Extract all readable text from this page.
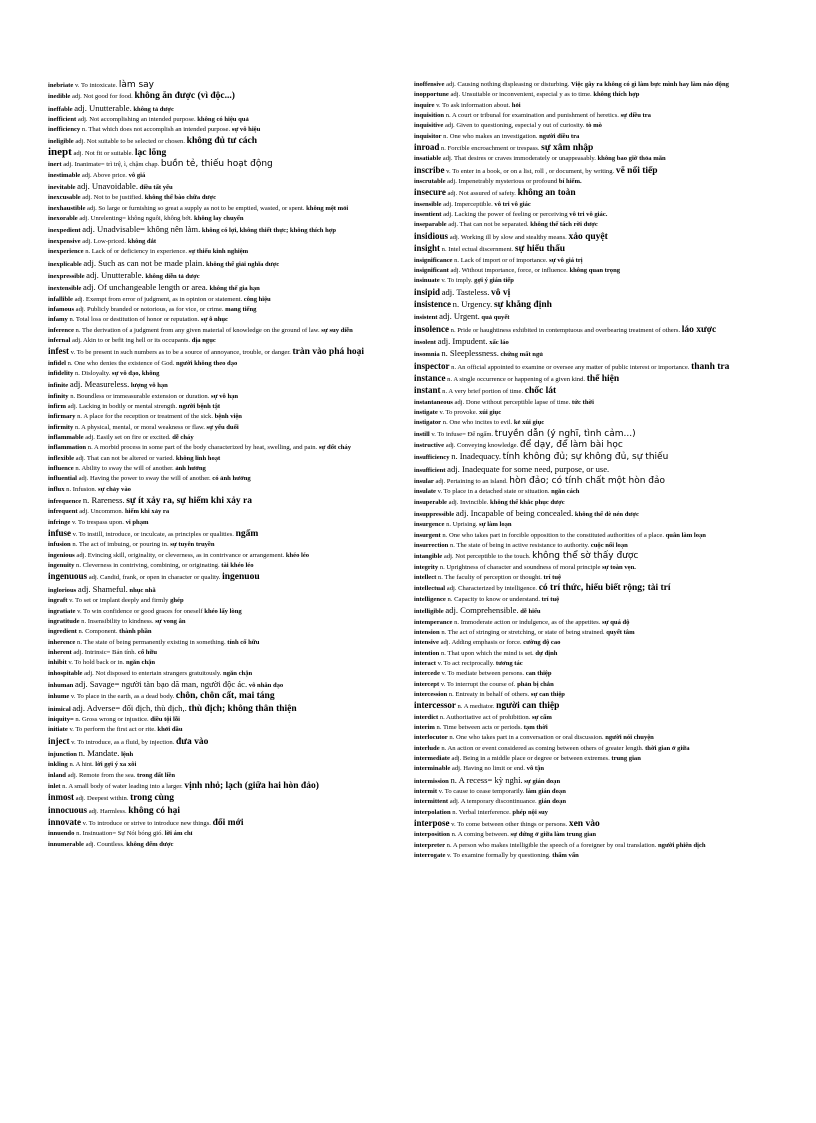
inebriate v. To intoxicate. làm say
inedible adj. Not good for food. không ăn được (vì độc...)
ineffable adj. Unutterable. không tả được
inefficient adj. Not accomplishing an intended purpose. không có hiệu quả
inefficiency n. That which does not accomplish an intended purpose. sự vô hiệu
ineligible adj. Not suitable to be selected or chosen. không đủ tư cách
inept adj. Not fit or suitable. lạc lõng
inert adj. Inanimate= trì trệ, ì, chậm chạp. buồn tẻ, thiếu hoạt động
inestimable adj. Above price. vô giá
inevitable adj. Unavoidable. điều tất yếu
inexcusable adj. Not to be justified. không thể bào chữa được
inexhaustible adj. So large or furnishing so great a supply as not to be emptied, wasted, or spent. không mệt mỏi
inexorable adj. Unrelenting= không nguôi, không bớt. không lay chuyển
inexpedient adj. Unadvisable= không nên làm. không có lợi, không thiết thực; không thích hợp
inexpensive adj. Low-priced. không đắt
inexperience n. Lack of or deficiency in experience. sự thiếu kinh nghiệm
inexplicable adj. Such as can not be made plain. không thể giải nghĩa được
inexpressible adj. Unutterable. không diễn tả được
inextensible adj. Of unchangeable length or area. không thể gia hạn
infallible adj. Exempt from error of judgment, as in opinion or statement. công hiệu
infamous adj. Publicly branded or notorious, as for vice, or crime. mang tiếng
infamy n. Total loss or destitution of honor or reputation. sự ô nhục
inference n. The derivation of a judgment from any given material of knowledge on the ground of law. sự suy diễn
infernal adj. Akin to or befit ing hell or its occupants. địa ngục
infest v. To be present in such numbers as to be a source of annoyance, trouble, or danger. tràn vào phá hoại
infidel n. One who denies the existence of God. người không theo đạo
infidelity n. Disloyalty. sự vô đạo, không
infinite adj. Measureless. lượng vô hạn
infinity n. Boundless or immeasurable extension or duration. sự vô hạn
infirm adj. Lacking in bodily or mental strength. người bệnh tật
infirmary n. A place for the reception or treatment of the sick. bệnh viện
infirmity n. A physical, mental, or moral weakness or flaw. sự yếu đuối
inflammable adj. Easily set on fire or excited. dễ cháy
inflammation n. A morbid process in some part of the body characterized by heat, swelling, and pain. sự đốt cháy
inflexible adj. That can not be altered or varied. không linh hoạt
influence n. Ability to sway the will of another. ảnh hưởng
influential adj. Having the power to sway the will of another. có ảnh hưởng
influx n. Infusion. sự chảy vào
infrequence n. Rareness. sự ít xảy ra, sự hiếm khi xảy ra
infrequent adj. Uncommon. hiếm khi xảy ra
infringe v. To trespass upon. vi phạm
infuse v. To instill, introduce, or inculcate, as principles or qualities. ngấm
infusion n. The act of imbuing, or pouring in. sự tuyên truyền
ingenious adj. Evincing skill, originality, or cleverness, as in contrivance or arrangement. khéo léo
ingenuity n. Cleverness in contriving, combining, or originating. tài khéo léo
ingenuous adj. Candid, frank, or open in character or quality. ingenuou
inglorious adj. Shameful. nhục nhã
ingraft v. To set or implant deeply and firmly ghép
ingratiate v. To win confidence or good graces for oneself khéo lấy lòng
ingratitude n. Insensibility to kindness. sự vong ân
ingredient n. Component. thành phần
inherence n. The state of being permanently existing in something. tính cố hữu
inherent adj. Intrinsic= Bản tính. cố hữu
inhibit v. To hold back or in. ngăn chặn
inhospitable adj. Not disposed to entertain strangers gratuitously. ngăn chặn
inhuman adj. Savage= người tàn bạo dã man, người độc ác. vô nhân đạo
inhume v. To place in the earth, as a dead body. chôn, chôn cất, mai táng
inimical adj. Adverse= đối địch, thù địch,. thù địch; không thân thiện
iniquity= n. Gross wrong or injustice. điều tội lỗi
initiate v. To perform the first act or rite. khởi đầu
inject v. To introduce, as a fluid, by injection. đưa vào
injunction n. Mandate. lệnh
inkling n. A hint. lời gợi ý xa xôi
inland adj. Remote from the sea. trong đất liền
inlet n. A small body of water leading into a larger. vịnh nhỏ; lạch (giữa hai hòn đảo)
inmost adj. Deepest within. trong cùng
innocuous adj. Harmless. không có hại
innovate v. To introduce or strive to introduce new things. đổi mới
innuendo n. Insinuation= Sự Nói bóng gió. lời ám chỉ
innumerable adj. Countless. không đếm được
inoffensive adj. Causing nothing displeasing or disturbing. Việc gây ra không có gì làm bực mình hay làm náo động
inopportune adj. Unsuitable or inconvenient, especial y as to time. không thích hợp
inquire v. To ask information about. hỏi
inquisition n. A court or tribunal for examination and punishment of heretics. sự điều tra
inquisitive adj. Given to questioning, especial y out of curiosity. tò mò
inquisitor n. One who makes an investigation. người điều tra
inroad n. Forcible encroachment or trespass. sự xâm nhập
insatiable adj. That desires or craves immoderately or unappeasably. không bao giờ thỏa mãn
inscribe v. To enter in a book, or on a list, roll , or document, by writing. vẽ nối tiếp
inscrutable adj. Impenetrably mysterious or profound bí hiểm.
insecure adj. Not assured of safety. không an toàn
insensible adj. Imperceptible. vô tri vô giác
insentient adj. Lacking the power of feeling or perceiving vô tri vô giác.
inseparable adj. That can not be separated. không thể tách rời được
insidious adj. Working ill by slow and stealthy means. xảo quyệt
insight n. Intel ectual discernment. sự hiểu thấu
insignificance n. Lack of import or of importance. sự vô giá trị
insignificant adj. Without importance, force, or influence. không quan trọng
insinuate v. To imply. gợi ý gián tiếp
insipid adj. Tasteless. vô vị
insistence n. Urgency. sự khẳng định
insistent adj. Urgent. quả quyết
insolence n. Pride or haughtiness exhibited in contemptuous and overbearing treatment of others. láo xược
insolent adj. Impudent. xấc láo
insomnia n. Sleeplessness. chứng mất ngủ
inspector n. An official appointed to examine or oversee any matter of public interest or importance. thanh tra
instance n. A single occurrence or happening of a given kind. thể hiện
instant n. A very brief portion of time. chốc lát
instantaneous adj. Done without perceptible lapse of time. tức thời
instigate v. To provoke. xúi giục
instigator n. One who incites to evil. kẻ xúi giục
instill v. To infuse= Để ngấm. truyền dẫn (ý nghĩ, tình cảm...)
instructive adj. Conveying knowledge. để dạy, để làm bài học
insufficiency n. Inadequacy. tính không đủ; sự không đủ, sự thiếu
insufficient adj. Inadequate for some need, purpose, or use.
insular adj. Pertaining to an island. hòn đảo; có tính chất một hòn đảo
insulate v. To place in a detached state or situation. ngăn cách
insuperable adj. Invincible. không thể khắc phục được
insuppressible adj. Incapable of being concealed. không thể đè nén được
insurgence n. Uprising. sự làm loạn
insurgent n. One who takes part in forcible opposition to the constituted authorities of a place. quân làm loạn
insurrection n. The state of being in active resistance to authority. cuộc nổi loạn
intangible adj. Not perceptible to the touch. không thể sờ thấy được
integrity n. Uprightness of character and soundness of moral principle sự toàn vẹn.
intellect n. The faculty of perception or thought. trí tuệ
intellectual adj. Characterized by intelligence. có trí thức, hiểu biết rộng; tài trí
intelligence n. Capacity to know or understand. trí tuệ
intelligible adj. Comprehensible. dễ hiểu
intemperance n. Immoderate action or indulgence, as of the appetites. sự quá độ
intension n. The act of stringing or stretching, or state of being strained. quyết tâm
intensive adj. Adding emphasis or force. cường độ cao
intention n. That upon which the mind is set. dự định
interact v. To act reciprocally. tương tác
intercede v. To mediate between persons. can thiệp
intercept v. To interrupt the course of. phản bị chắn
intercession n. Entreaty in behalf of others. sự can thiệp
intercessor n. A mediator. người can thiệp
interdict n. Authoritative act of prohibition. sự cấm
interim n. Time between acts or periods. tạm thời
interlocutor n. One who takes part in a conversation or oral discussion. người nói chuyện
interlude n. An action or event considered as coming between others of greater length. thời gian ở giữa
intermediate adj. Being in a middle place or degree or between extremes. trung gian
interminable adj. Having no limit or end. vô tận
intermission n. A recess= kỳ nghỉ. sự gián đoạn
intermit v. To cause to cease temporarily. làm gián đoạn
intermittent adj. A temporary discontinuance. gián đoạn
interpolation n. Verbal interference. phép nội suy
interpose v. To come between other things or persons. xen vào
interposition n. A coming between. sự đứng ở giữa làm trung gian
interpreter n. A person who makes intelligible the speech of a foreigner by oral translation. người phiên dịch
interrogate v. To examine formally by questioning. thẩm vấn
